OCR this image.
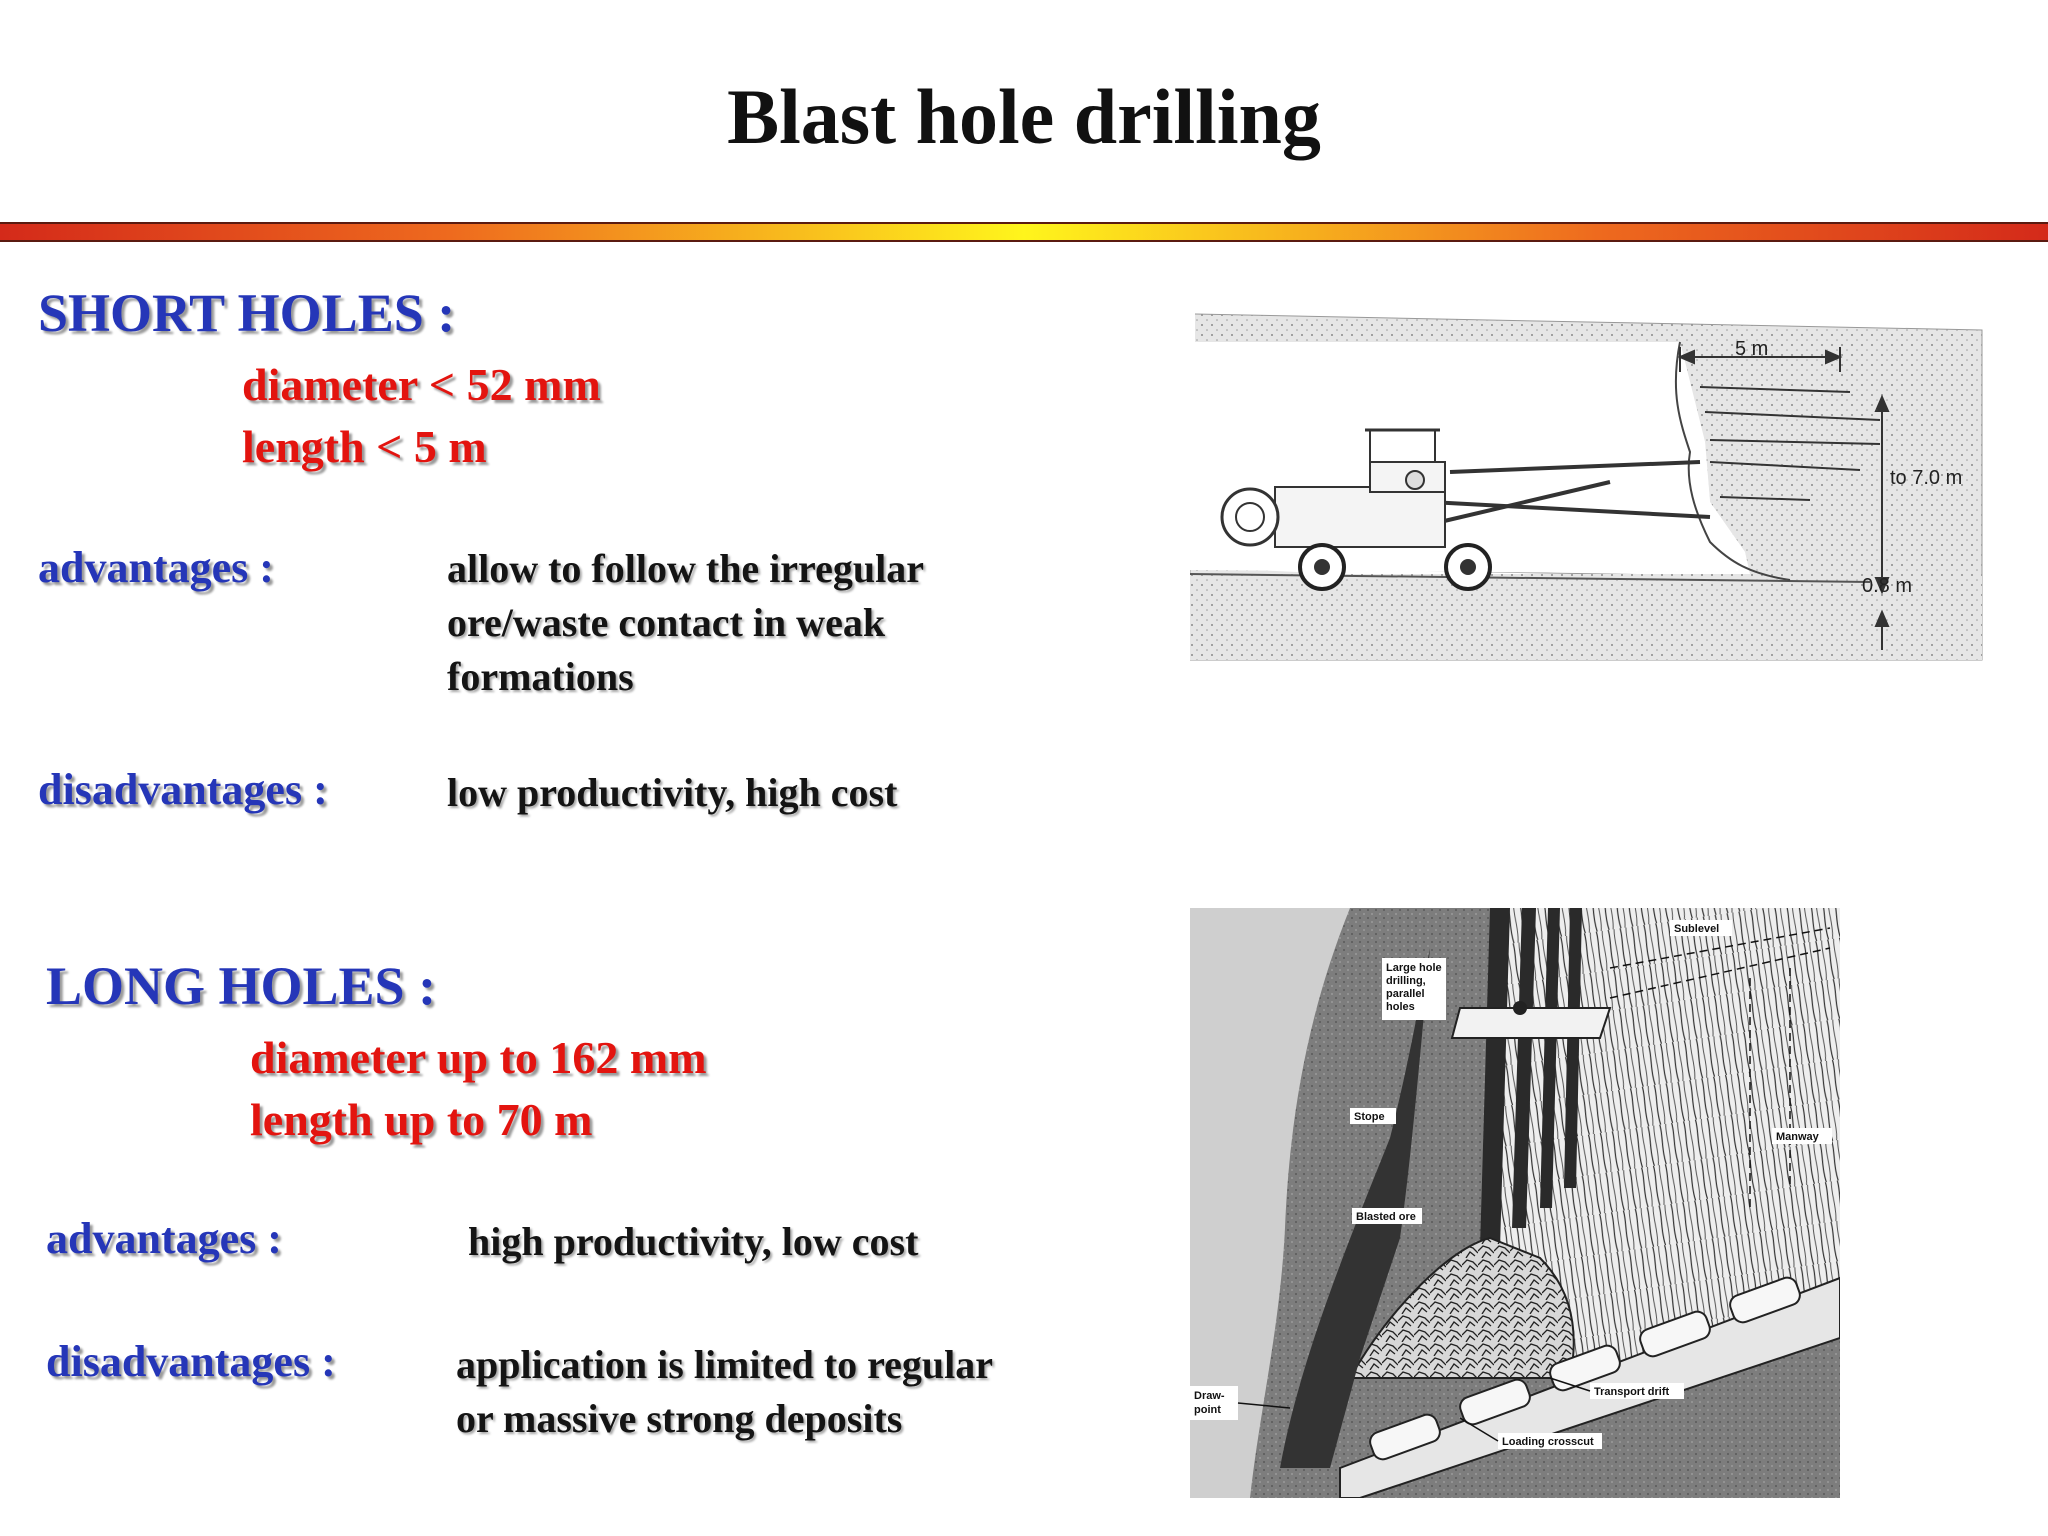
Blast hole drilling
SHORT HOLES :
diameter < 52 mm
length < 5 m
advantages :	allow to follow the irregular
ore/waste contact in weak
formations
disadvantages :	low productivity, high cost
5 m
to 7.0 m
0.8 m
LONG HOLES :
diameter up to 162 mm
length up to 70 m
advantages :	high productivity, low cost
disadvantages :	application is limited to regular
or massive strong deposits
Large hole
drilling,
parallel
holes
Sublevel
Stope
Manway
Blasted ore
Draw-
point
Transport drift
Loading crosscut
